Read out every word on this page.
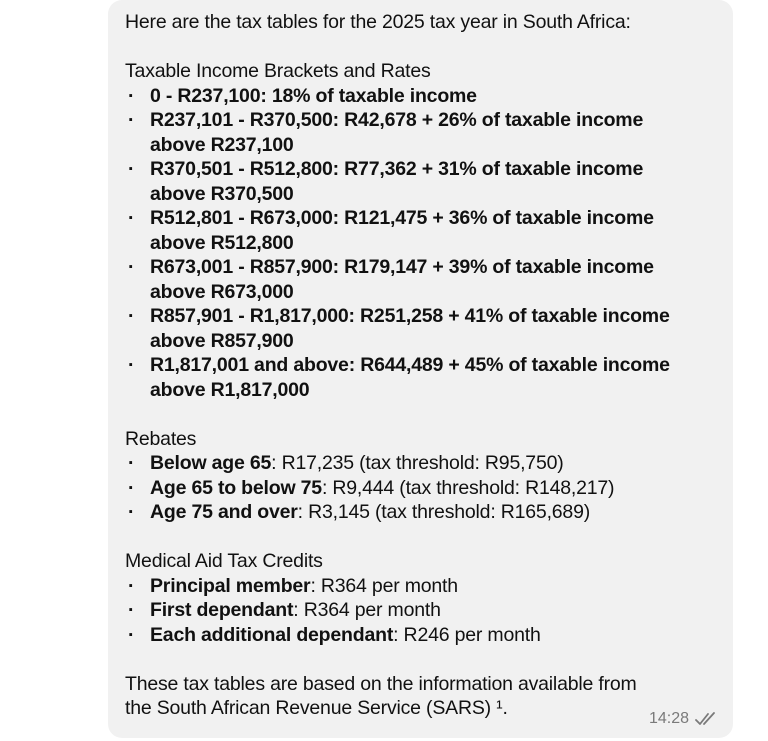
Here are the tax tables for the 2025 tax year in South Africa:
Taxable Income Brackets and Rates
· 0 - R237,100: 18% of taxable income
· R237,101 - R370,500: R42,678 + 26% of taxable income
above R237,100
· R370,501 - R512,800: R77,362 + 31% of taxable income
above R370,500
· R512,801 - R673,000: R121,475 + 36% of taxable income
above R512,800
· R673,001 - R857,900: R179,147 + 39% of taxable income
above R673,000
· R857,901 - R1,817,000: R251,258 + 41% of taxable income
above R857,900
· R1,817,001 and above: R644,489 + 45% of taxable income
above R1,817,000
Rebates
· Below age 65: R17,235 (tax threshold: R95,750)
· Age 65 to below 75: R9,444 (tax threshold: R148,217)
· Age 75 and over: R3,145 (tax threshold: R165,689)
Medical Aid Tax Credits
· Principal member: R364 per month
· First dependant: R364 per month
· Each additional dependant: R246 per month
These tax tables are based on the information available from
the South African Revenue Service (SARS) ¹.	14:28
